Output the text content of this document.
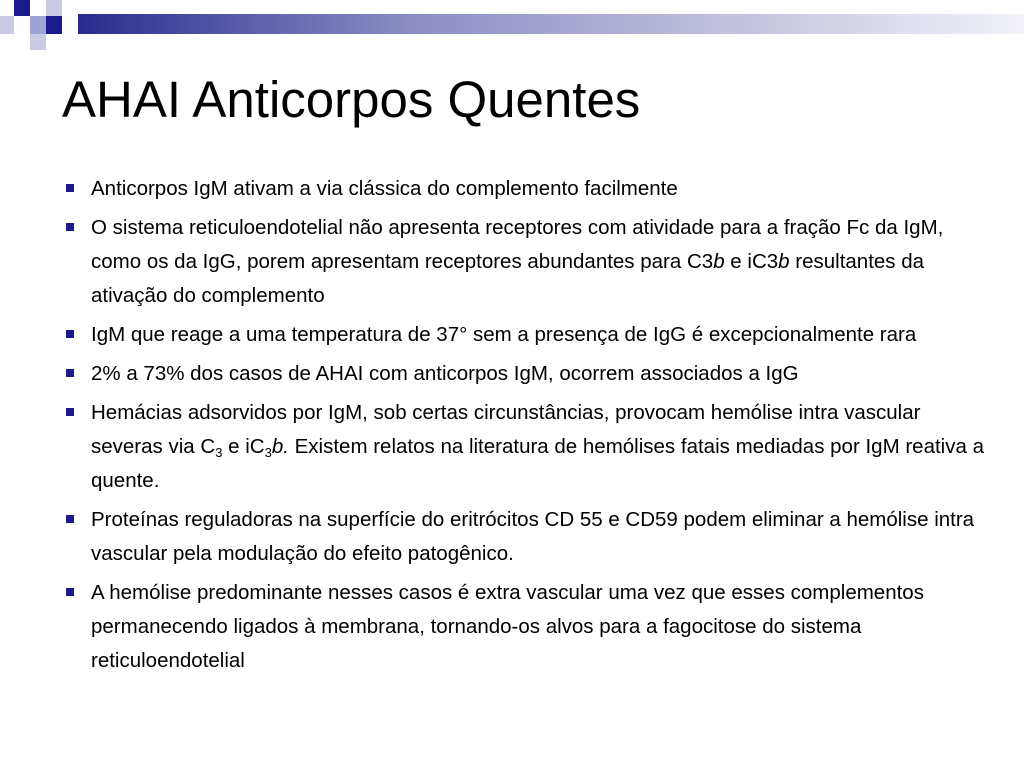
AHAI Anticorpos Quentes
Anticorpos IgM ativam a via clássica do complemento facilmente
O sistema reticuloendotelial não apresenta receptores com atividade para a fração Fc da IgM, como os da IgG, porem apresentam receptores abundantes para C3b e iC3b resultantes da ativação do complemento
IgM que reage a uma temperatura de 37° sem a presença de IgG é excepcionalmente rara
2% a 73% dos casos de AHAI com anticorpos IgM, ocorrem associados a IgG
Hemácias adsorvidos por IgM, sob certas circunstâncias, provocam hemólise intra vascular severas via $C_3$ e $iC_3b$. Existem relatos na literatura de hemólises fatais mediadas por IgM reativa a quente.
Proteínas reguladoras na superfície do eritrócitos CD 55 e CD59 podem eliminar a hemólise intra vascular pela modulação do efeito patogênico.
A hemólise predominante nesses casos é extra vascular uma vez que esses complementos permanecendo ligados à membrana, tornando-os alvos para a fagocitose do sistema reticuloendotelial
